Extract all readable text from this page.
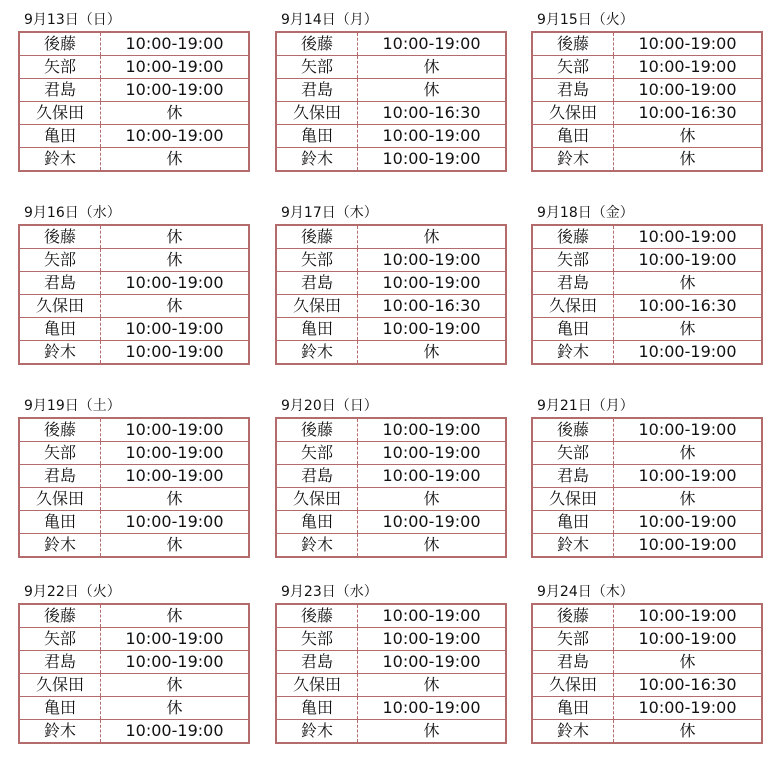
9月13日（日）
後藤	10:00-19:00
矢部	10:00-19:00
君島	10:00-19:00
久保田	休
亀田	10:00-19:00
鈴木	休
9月14日（月）
後藤	10:00-19:00
矢部	休
君島	休
久保田	10:00-16:30
亀田	10:00-19:00
鈴木	10:00-19:00
9月15日（火）
後藤	10:00-19:00
矢部	10:00-19:00
君島	10:00-19:00
久保田	10:00-16:30
亀田	休
鈴木	休
9月16日（水）
後藤	休
矢部	休
君島	10:00-19:00
久保田	休
亀田	10:00-19:00
鈴木	10:00-19:00
9月17日（木）
後藤	休
矢部	10:00-19:00
君島	10:00-19:00
久保田	10:00-16:30
亀田	10:00-19:00
鈴木	休
9月18日（金）
後藤	10:00-19:00
矢部	10:00-19:00
君島	休
久保田	10:00-16:30
亀田	休
鈴木	10:00-19:00
9月19日（土）
後藤	10:00-19:00
矢部	10:00-19:00
君島	10:00-19:00
久保田	休
亀田	10:00-19:00
鈴木	休
9月20日（日）
後藤	10:00-19:00
矢部	10:00-19:00
君島	10:00-19:00
久保田	休
亀田	10:00-19:00
鈴木	休
9月21日（月）
後藤	10:00-19:00
矢部	休
君島	10:00-19:00
久保田	休
亀田	10:00-19:00
鈴木	10:00-19:00
9月22日（火）
後藤	休
矢部	10:00-19:00
君島	10:00-19:00
久保田	休
亀田	休
鈴木	10:00-19:00
9月23日（水）
後藤	10:00-19:00
矢部	10:00-19:00
君島	10:00-19:00
久保田	休
亀田	10:00-19:00
鈴木	休
9月24日（木）
後藤	10:00-19:00
矢部	10:00-19:00
君島	休
久保田	10:00-16:30
亀田	10:00-19:00
鈴木	休
